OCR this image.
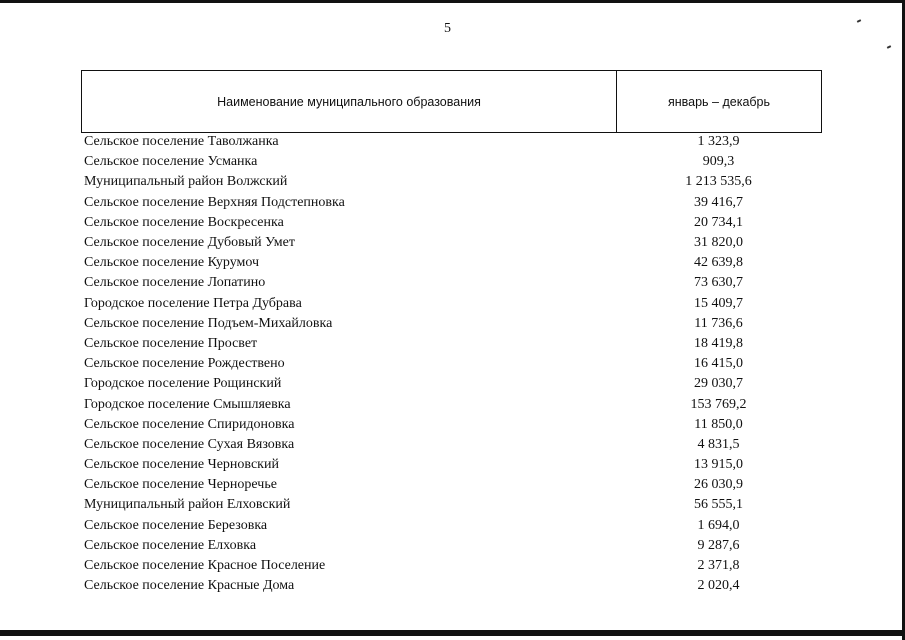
5
Наименование муниципального образования	январь – декабрь
Сельское поселение Таволжанка	1 323,9
Сельское поселение Усманка	909,3
Муниципальный район Волжский	1 213 535,6
Сельское поселение Верхняя Подстепновка	39 416,7
Сельское поселение Воскресенка	20 734,1
Сельское поселение Дубовый Умет	31 820,0
Сельское поселение Курумоч	42 639,8
Сельское поселение Лопатино	73 630,7
Городское поселение Петра Дубрава	15 409,7
Сельское поселение Подъем-Михайловка	11 736,6
Сельское поселение Просвет	18 419,8
Сельское поселение Рождествено	16 415,0
Городское поселение Рощинский	29 030,7
Городское поселение Смышляевка	153 769,2
Сельское поселение Спиридоновка	11 850,0
Сельское поселение Сухая Вязовка	4 831,5
Сельское поселение Черновский	13 915,0
Сельское поселение Черноречье	26 030,9
Муниципальный район Елховский	56 555,1
Сельское поселение Березовка	1 694,0
Сельское поселение Елховка	9 287,6
Сельское поселение Красное Поселение	2 371,8
Сельское поселение Красные Дома	2 020,4
